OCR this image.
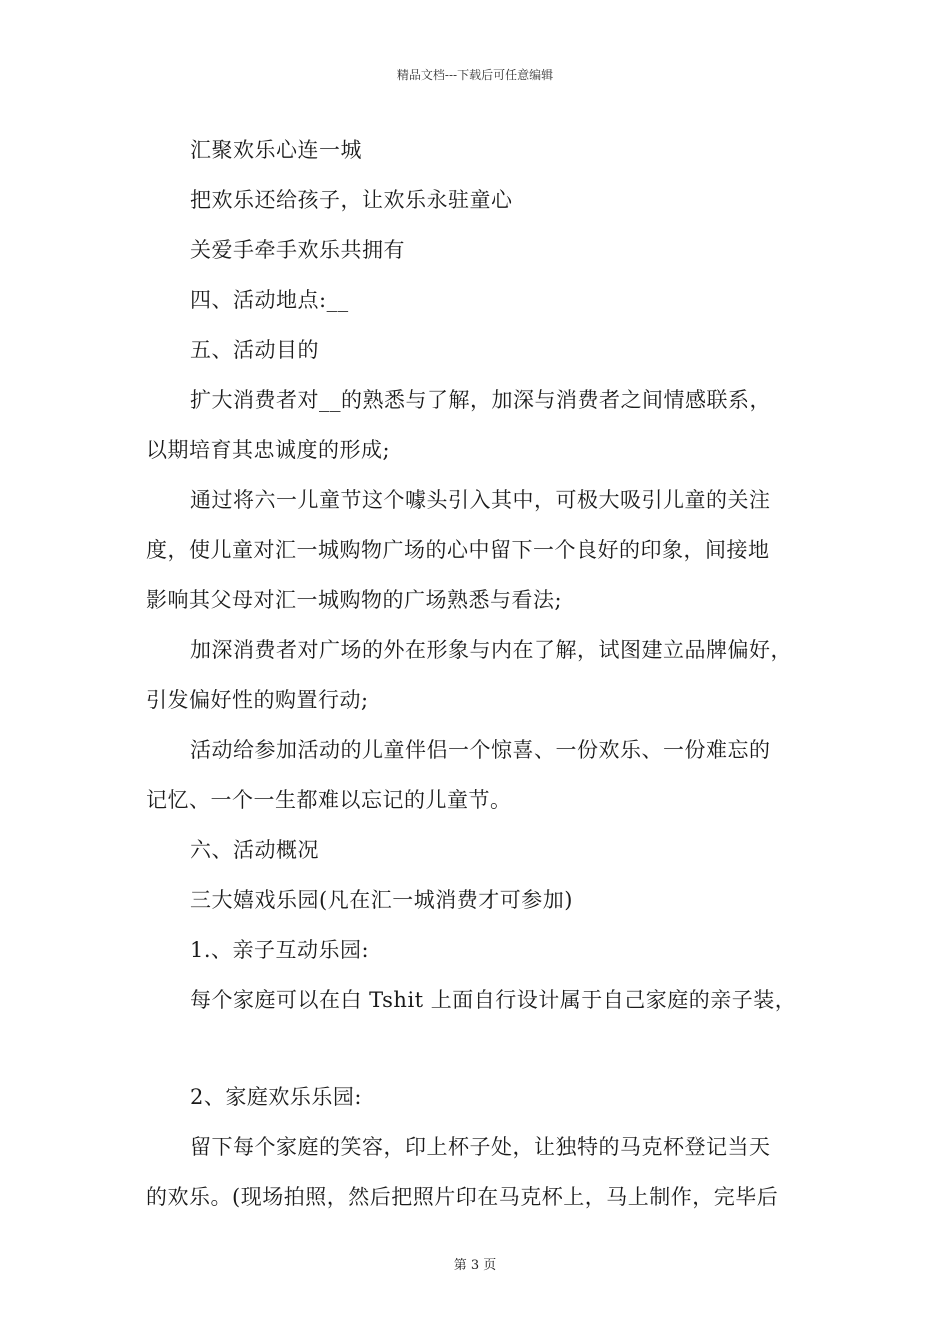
精品文档---下载后可任意编辑
汇聚欢乐心连一城
把欢乐还给孩子，让欢乐永驻童心
关爱手牵手欢乐共拥有
四、活动地点:__
五、活动目的
扩大消费者对__的熟悉与了解，加深与消费者之间情感联系，
以期培育其忠诚度的形成;
通过将六一儿童节这个噱头引入其中，可极大吸引儿童的关注
度，使儿童对汇一城购物广场的心中留下一个良好的印象，间接地
影响其父母对汇一城购物的广场熟悉与看法;
加深消费者对广场的外在形象与内在了解，试图建立品牌偏好，
引发偏好性的购置行动;
活动给参加活动的儿童伴侣一个惊喜、一份欢乐、一份难忘的
记忆、一个一生都难以忘记的儿童节。
六、活动概况
三大嬉戏乐园(凡在汇一城消费才可参加)
1.、亲子互动乐园:
每个家庭可以在白 Tshit 上面自行设计属于自己家庭的亲子装，
2、家庭欢乐乐园:
留下每个家庭的笑容，印上杯子处，让独特的马克杯登记当天
的欢乐。(现场拍照，然后把照片印在马克杯上，马上制作，完毕后
第 3 页
